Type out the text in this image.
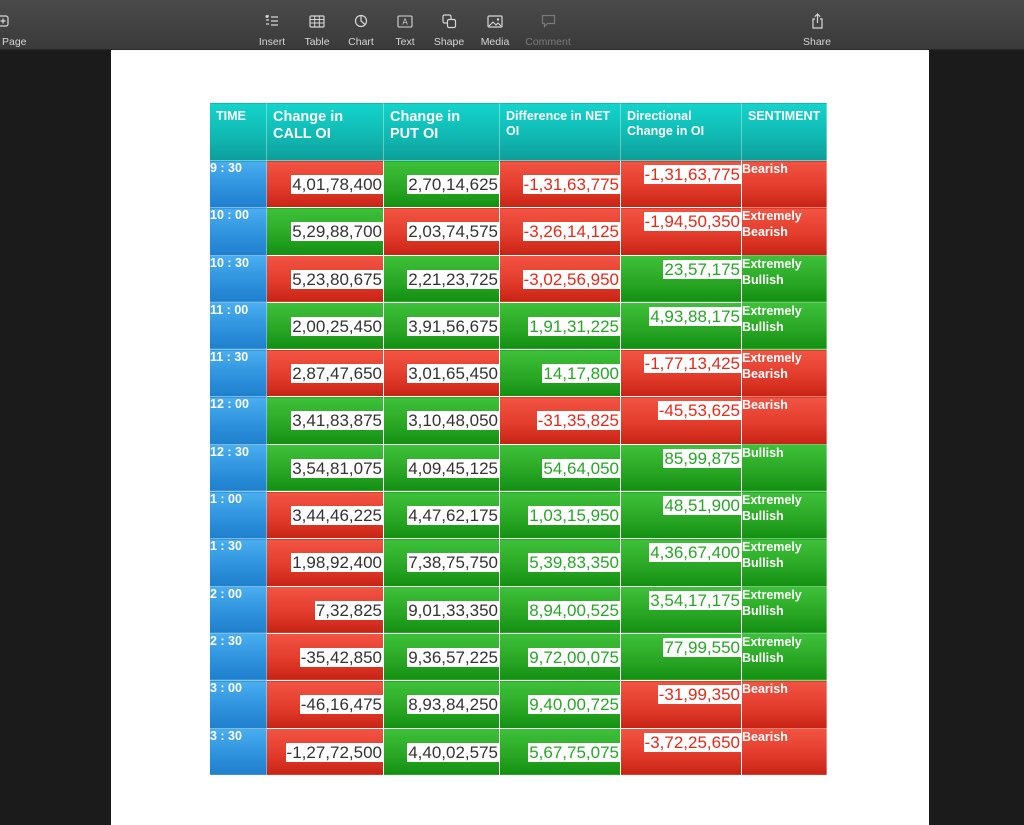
Page	Insert Table Chart
A
Text Shape Media Comment	Share
TIME	Change in CALL OI	Change in PUT OI	Difference in NET OI	Directional Change in OI	SENTIMENT
9 : 30	4,01,78,400	2,70,14,625	-1,31,63,775	-1,31,63,775	Bearish
10 : 00	5,29,88,700	2,03,74,575	-3,26,14,125	-1,94,50,350	Extremely Bearish
10 : 30	5,23,80,675	2,21,23,725	-3,02,56,950	23,57,175	Extremely Bullish
11 : 00	2,00,25,450	3,91,56,675	1,91,31,225	4,93,88,175	Extremely Bullish
11 : 30	2,87,47,650	3,01,65,450	14,17,800	-1,77,13,425	Extremely Bearish
12 : 00	3,41,83,875	3,10,48,050	-31,35,825	-45,53,625	Bearish
12 : 30	3,54,81,075	4,09,45,125	54,64,050	85,99,875	Bullish
1 : 00	3,44,46,225	4,47,62,175	1,03,15,950	48,51,900	Extremely Bullish
1 : 30	1,98,92,400	7,38,75,750	5,39,83,350	4,36,67,400	Extremely Bullish
2 : 00	7,32,825	9,01,33,350	8,94,00,525	3,54,17,175	Extremely Bullish
2 : 30	-35,42,850	9,36,57,225	9,72,00,075	77,99,550	Extremely Bullish
3 : 00	-46,16,475	8,93,84,250	9,40,00,725	-31,99,350	Bearish
3 : 30	-1,27,72,500	4,40,02,575	5,67,75,075	-3,72,25,650	Bearish
